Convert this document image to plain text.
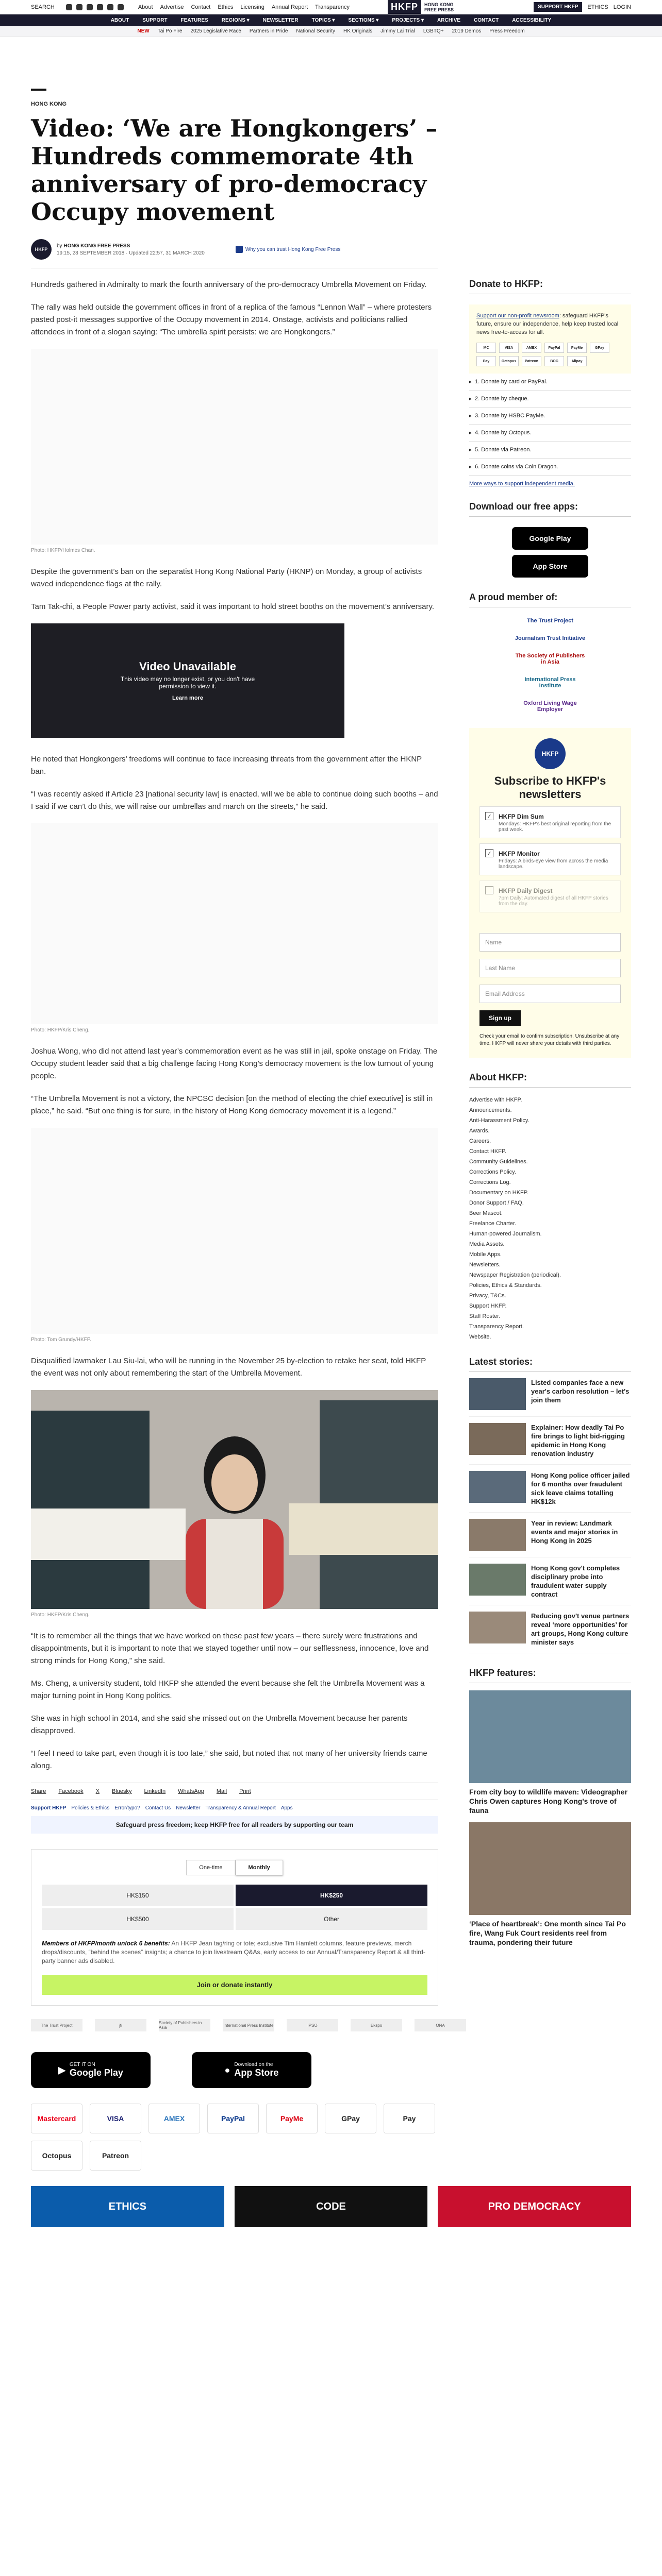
SEARCH	About Advertise Contact Ethics Licensing Annual Report Transparency	HKFP	HONG KONG
FREE PRESS	SUPPORT HKFP	ETHICS LOGIN
ABOUT	SUPPORT	FEATURES	REGIONS ▾	NEWSLETTER	TOPICS ▾	SECTIONS ▾	PROJECTS ▾	ARCHIVE	CONTACT	ACCESSIBILITY
NEW Tai Po Fire 2025 Legislative Race Partners in Pride National Security HK Originals Jimmy Lai Trial LGBTQ+ 2019 Demos Press Freedom
HONG KONG
Video: ‘We are Hongkongers’ – Hundreds commemorate 4th anniversary of pro-democracy Occupy movement
HKFP
by HONG KONG FREE PRESS
19:15, 28 SEPTEMBER 2018 · Updated 22:57, 31 MARCH 2020
Why you can trust Hong Kong Free Press

Hundreds gathered in Admiralty to mark the fourth anniversary of the pro-democracy Umbrella Movement on Friday.

The rally was held outside the government offices in front of a replica of the famous “Lennon Wall” – where protesters pasted post-it messages supportive of the Occupy movement in 2014. Onstage, activists and politicians rallied attendees in front of a slogan saying: “The umbrella spirit persists: we are Hongkongers.”

Photo: HKFP/Holmes Chan.

Despite the government’s ban on the separatist Hong Kong National Party (HKNP) on Monday, a group of activists waved independence flags at the rally.

Tam Tak-chi, a People Power party activist, said it was important to hold street booths on the movement’s anniversary.

Video Unavailable
This video may no longer exist, or you don't have permission to view it.
Learn more

He noted that Hongkongers’ freedoms will continue to face increasing threats from the government after the HKNP ban.

“I was recently asked if Article 23 [national security law] is enacted, will we be able to continue doing such booths – and I said if we can’t do this, we will raise our umbrellas and march on the streets,” he said.

Photo: HKFP/Kris Cheng.

Joshua Wong, who did not attend last year’s commemoration event as he was still in jail, spoke onstage on Friday. The Occupy student leader said that a big challenge facing Hong Kong’s democracy movement is the low turnout of young people.

“The Umbrella Movement is not a victory, the NPCSC decision [on the method of electing the chief executive] is still in place,” he said. “But one thing is for sure, in the history of Hong Kong democracy movement it is a legend.”

Photo: Tom Grundy/HKFP.

Disqualified lawmaker Lau Siu-lai, who will be running in the November 25 by-election to retake her seat, told HKFP the event was not only about remembering the start of the Umbrella Movement.

Photo: HKFP/Kris Cheng.

“It is to remember all the things that we have worked on these past few years – there surely were frustrations and disappointments, but it is important to note that we stayed together until now – our selflessness, innocence, love and strong minds for Hong Kong,” she said.

Ms. Cheng, a university student, told HKFP she attended the event because she felt the Umbrella Movement was a major turning point in Hong Kong politics.

She was in high school in 2014, and she said she missed out on the Umbrella Movement because her parents disapproved.

“I feel I need to take part, even though it is too late,” she said, but noted that not many of her university friends came along.

Share Facebook X Bluesky LinkedIn WhatsApp Mail Print
Support HKFP Policies & Ethics Error/typo? Contact Us Newsletter Transparency & Annual Report Apps
Safeguard press freedom; keep HKFP free for all readers by supporting our team
One-time	Monthly
HK$150	HK$250
HK$500	Other
Members of HKFP/month unlock 6 benefits: An HKFP Jean tag/ring or tote; exclusive Tim Hamlett columns, feature previews, merch drops/discounts, “behind the scenes” insights; a chance to join livestream Q&As, early access to our Annual/Transparency Report & all third-party banner ads disabled.
Join or donate instantly
Donate to HKFP:

Support our non-profit newsroom: safeguard HKFP's future, ensure our independence, help keep trusted local news free-to-access for all.

MC	VISA	AMEX	PayPal	PayMe	GPay
Pay	Octopus	Patreon	BOC	Alipay
▸ 1. Donate by card or PayPal.
▸ 2. Donate by cheque.
▸ 3. Donate by HSBC PayMe.
▸ 4. Donate by Octopus.
▸ 5. Donate via Patreon.
▸ 6. Donate coins via Coin Dragon.
More ways to support independent media.
Download our free apps:
Google Play
App Store
A proud member of:
The Trust Project
Journalism Trust Initiative
The Society of Publishers in Asia
International Press Institute
Oxford Living Wage Employer
HKFP
Subscribe to HKFP's newsletters
✓ HKFP Dim Sum

Mondays: HKFP's best original reporting from the past week.

✓ HKFP Monitor

Fridays: A birds-eye view from across the media landscape.

HKFP Daily Digest

7pm Daily: Automated digest of all HKFP stories from the day.

Name
Last Name
Email Address
Sign up
Check your email to confirm subscription. Unsubscribe at any time. HKFP will never share your details with third parties.
About HKFP:
Advertise with HKFP.
Announcements.
Anti-Harassment Policy.
Awards.
Careers.
Contact HKFP.
Community Guidelines.
Corrections Policy.
Corrections Log.
Documentary on HKFP.
Donor Support / FAQ.
Beer Mascot.
Freelance Charter.
Human-powered Journalism.
Media Assets.
Mobile Apps.
Newsletters.
Newspaper Registration (periodical).
Policies, Ethics & Standards.
Privacy, T&Cs.
Support HKFP.
Staff Roster.
Transparency Report.
Website.
Latest stories:
Listed companies face a new year's carbon resolution – let's join them
Explainer: How deadly Tai Po fire brings to light bid-rigging epidemic in Hong Kong renovation industry
Hong Kong police officer jailed for 6 months over fraudulent sick leave claims totalling HK$12k
Year in review: Landmark events and major stories in Hong Kong in 2025
Hong Kong gov't completes disciplinary probe into fraudulent water supply contract
Reducing gov't venue partners reveal ‘more opportunities’ for art groups, Hong Kong culture minister says
HKFP features:
From city boy to wildlife maven: Videographer Chris Owen captures Hong Kong's trove of fauna
‘Place of heartbreak’: One month since Tai Po fire, Wang Fuk Court residents reel from trauma, pondering their future
The Trust Project	jti	Society of Publishers in Asia	International Press Institute	IPSO	Ekspo	ONA
▶ GET IT ON
Google Play	● Download on the
App Store
Mastercard	VISA	AMEX	PayPal	PayMe	GPay	Pay
Octopus	Patreon
ETHICS	CODE	PRO DEMOCRACY
